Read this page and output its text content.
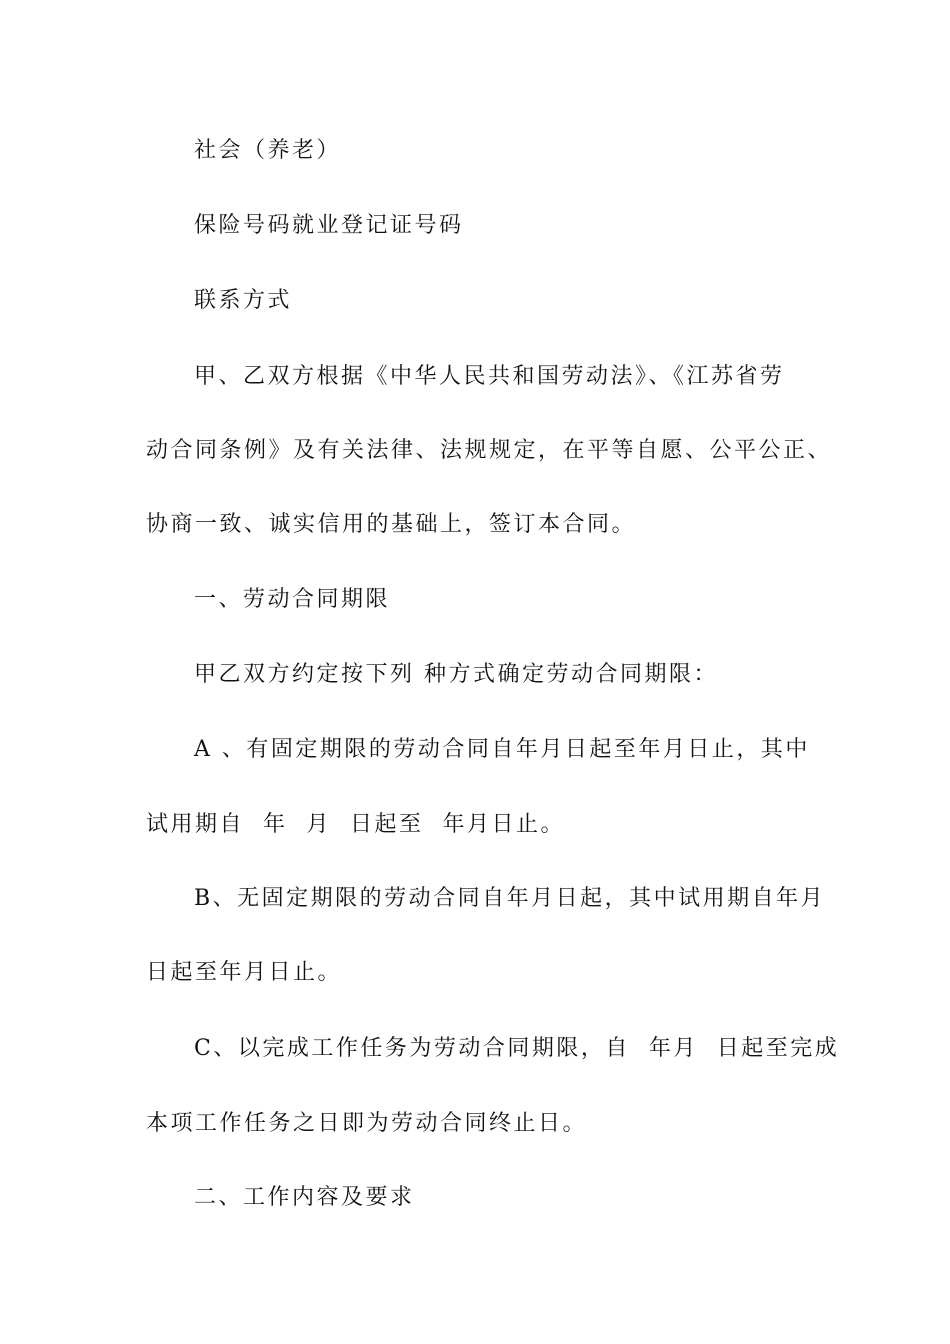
社会（养老）
保险号码就业登记证号码
联系方式
甲、乙双方根据《中华人民共和国劳动法》、《江苏省劳
动合同条例》及有关法律、法规规定，在平等自愿、公平公正、
协商一致、诚实信用的基础上，签订本合同。
一、劳动合同期限
甲乙双方约定按下列 种方式确定劳动合同期限：
A 、有固定期限的劳动合同自年月日起至年月日止，其中
试用期自  年  月  日起至  年月日止。
B、无固定期限的劳动合同自年月日起，其中试用期自年月
日起至年月日止。
C、以完成工作任务为劳动合同期限，自  年月  日起至完成
本项工作任务之日即为劳动合同终止日。
二、工作内容及要求
